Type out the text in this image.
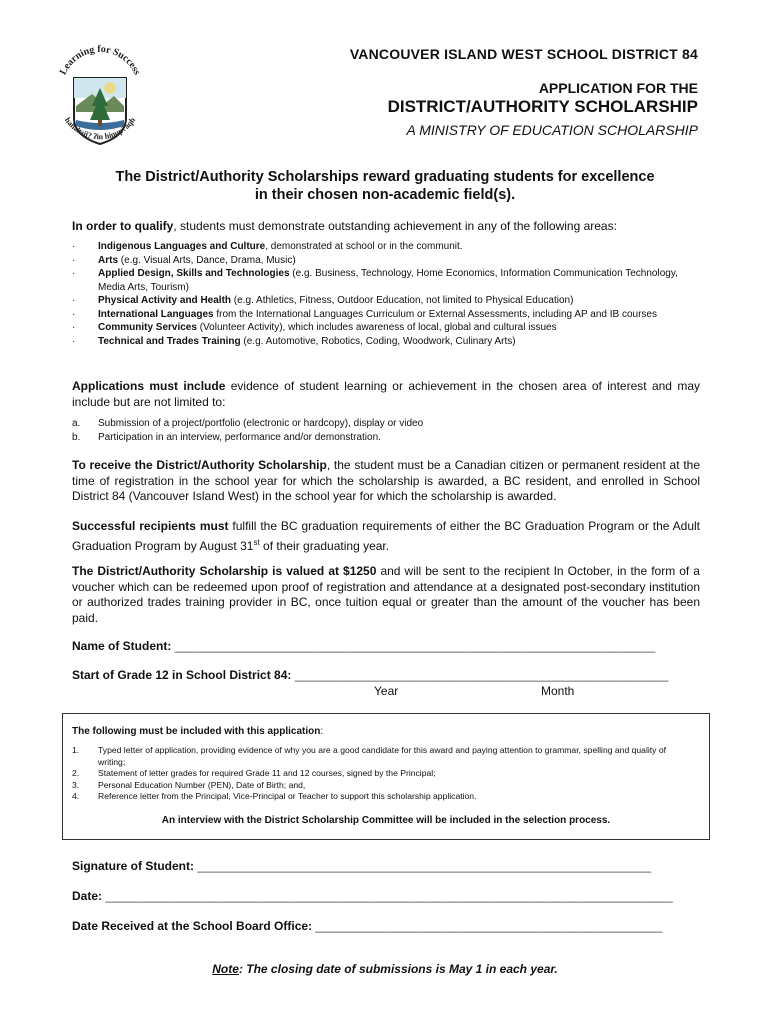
Learning for Success
hahəłtsii? ʔin hinup?aqh
VANCOUVER ISLAND WEST SCHOOL DISTRICT 84
APPLICATION FOR THE
DISTRICT/AUTHORITY SCHOLARSHIP
A MINISTRY OF EDUCATION SCHOLARSHIP
The District/Authority Scholarships reward graduating students for excellence
in their chosen non-academic field(s).
In order to qualify, students must demonstrate outstanding achievement in any of the following areas:
· Indigenous Languages and Culture, demonstrated at school or in the communit.
· Arts (e.g. Visual Arts, Dance, Drama, Music)
· Applied Design, Skills and Technologies (e.g. Business, Technology, Home Economics, Information Communication Technology, Media Arts, Tourism)
· Physical Activity and Health (e.g. Athletics, Fitness, Outdoor Education, not limited to Physical Education)
· International Languages from the International Languages Curriculum or External Assessments, including AP and IB courses
· Community Services (Volunteer Activity), which includes awareness of local, global and cultural issues
· Technical and Trades Training (e.g. Automotive, Robotics, Coding, Woodwork, Culinary Arts)
Applications must include evidence of student learning or achievement in the chosen area of interest and may include but are not limited to:
a. Submission of a project/portfolio (electronic or hardcopy), display or video
b. Participation in an interview, performance and/or demonstration.
To receive the District/Authority Scholarship, the student must be a Canadian citizen or permanent resident at the time of registration in the school year for which the scholarship is awarded, a BC resident, and enrolled in School District 84 (Vancouver Island West) in the school year for which the scholarship is awarded.
Successful recipients must fulfill the BC graduation requirements of either the BC Graduation Program or the Adult Graduation Program by August 31st of their graduating year.
The District/Authority Scholarship is valued at $1250 and will be sent to the recipient In October, in the form of a voucher which can be redeemed upon proof of registration and attendance at a designated post-secondary institution or authorized trades training provider in BC, once tuition equal or greater than the amount of the voucher has been paid.
Name of Student: ________________________________________________________________________
Start of Grade 12 in School District 84: ________________________________________________________
Year	Month
The following must be included with this application:
1. Typed letter of application, providing evidence of why you are a good candidate for this award and paying attention to grammar, spelling and quality of writing;
2. Statement of letter grades for required Grade 11 and 12 courses, signed by the Principal;
3. Personal Education Number (PEN), Date of Birth; and,
4. Reference letter from the Principal, Vice-Principal or Teacher to support this scholarship application.
An interview with the District Scholarship Committee will be included in the selection process.
Signature of Student: ____________________________________________________________________
Date: _____________________________________________________________________________________
Date Received at the School Board Office: ____________________________________________________
Note: The closing date of submissions is May 1 in each year.
